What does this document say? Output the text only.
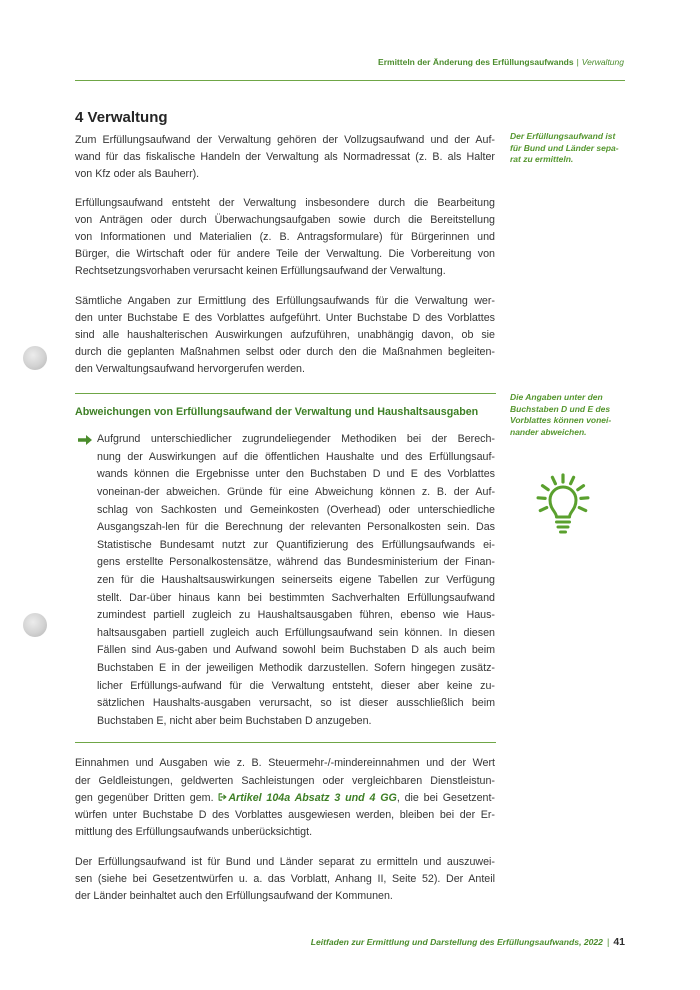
Ermitteln der Änderung des Erfüllungsaufwands | Verwaltung
4 Verwaltung
Zum Erfüllungsaufwand der Verwaltung gehören der Vollzugsaufwand und der Auf-
wand für das fiskalische Handeln der Verwaltung als Normadressat (z. B. als Halter
von Kfz oder als Bauherr).
Erfüllungsaufwand entsteht der Verwaltung insbesondere durch die Bearbeitung
von Anträgen oder durch Überwachungsaufgaben sowie durch die Bereitstellung
von Informationen und Materialien (z. B. Antragsformulare) für Bürgerinnen und
Bürger, die Wirtschaft oder für andere Teile der Verwaltung. Die Vorbereitung von
Rechtsetzungsvorhaben verursacht keinen Erfüllungsaufwand der Verwaltung.
Sämtliche Angaben zur Ermittlung des Erfüllungsaufwands für die Verwaltung wer-
den unter Buchstabe E des Vorblattes aufgeführt. Unter Buchstabe D des Vorblattes
sind alle haushalterischen Auswirkungen aufzuführen, unabhängig davon, ob sie
durch die geplanten Maßnahmen selbst oder durch den die Maßnahmen begleiten-
den Verwaltungsaufwand hervorgerufen werden.
Abweichungen von Erfüllungsaufwand der Verwaltung und Haushaltsausgaben
Aufgrund unterschiedlicher zugrundeliegender Methodiken bei der Berech-
nung der Auswirkungen auf die öffentlichen Haushalte und des Erfüllungsauf-
wands können die Ergebnisse unter den Buchstaben D und E des Vorblattes
voneinan-der abweichen. Gründe für eine Abweichung können z. B. der Auf-
schlag von Sachkosten und Gemeinkosten (Overhead) oder unterschiedliche
Ausgangszah-len für die Berechnung der relevanten Personalkosten sein. Das
Statistische Bundesamt nutzt zur Quantifizierung des Erfüllungsaufwands ei-
gens erstellte Personalkostensätze, während das Bundesministerium der Finan-
zen für die Haushaltsauswirkungen seinerseits eigene Tabellen zur Verfügung
stellt. Dar-über hinaus kann bei bestimmten Sachverhalten Erfüllungsaufwand
zumindest partiell zugleich zu Haushaltsausgaben führen, ebenso wie Haus-
haltsausgaben partiell zugleich auch Erfüllungsaufwand sein können. In diesen
Fällen sind Aus-gaben und Aufwand sowohl beim Buchstaben D als auch beim
Buchstaben E in der jeweiligen Methodik darzustellen. Sofern hingegen zusätz-
licher Erfüllungs-aufwand für die Verwaltung entsteht, dieser aber keine zu-
sätzlichen Haushalts-ausgaben verursacht, so ist dieser ausschließlich beim
Buchstaben E, nicht aber beim Buchstaben D anzugeben.
Einnahmen und Ausgaben wie z. B. Steuermehr-/-mindereinnahmen und der Wert
der Geldleistungen, geldwerten Sachleistungen oder vergleichbaren Dienstleistun-
gen gegenüber Dritten gem. Artikel 104a Absatz 3 und 4 GG, die bei Gesetzent-
würfen unter Buchstabe D des Vorblattes ausgewiesen werden, bleiben bei der Er-
mittlung des Erfüllungsaufwands unberücksichtigt.
Der Erfüllungsaufwand ist für Bund und Länder separat zu ermitteln und auszuwei-
sen (siehe bei Gesetzentwürfen u. a. das Vorblatt, Anhang II, Seite 52). Der Anteil
der Länder beinhaltet auch den Erfüllungsaufwand der Kommunen.
Der Erfüllungsaufwand ist
für Bund und Länder sepa-
rat zu ermitteln.
Die Angaben unter den
Buchstaben D und E des
Vorblattes können vonei-
nander abweichen.
Leitfaden zur Ermittlung und Darstellung des Erfüllungsaufwands, 2022 | 41
